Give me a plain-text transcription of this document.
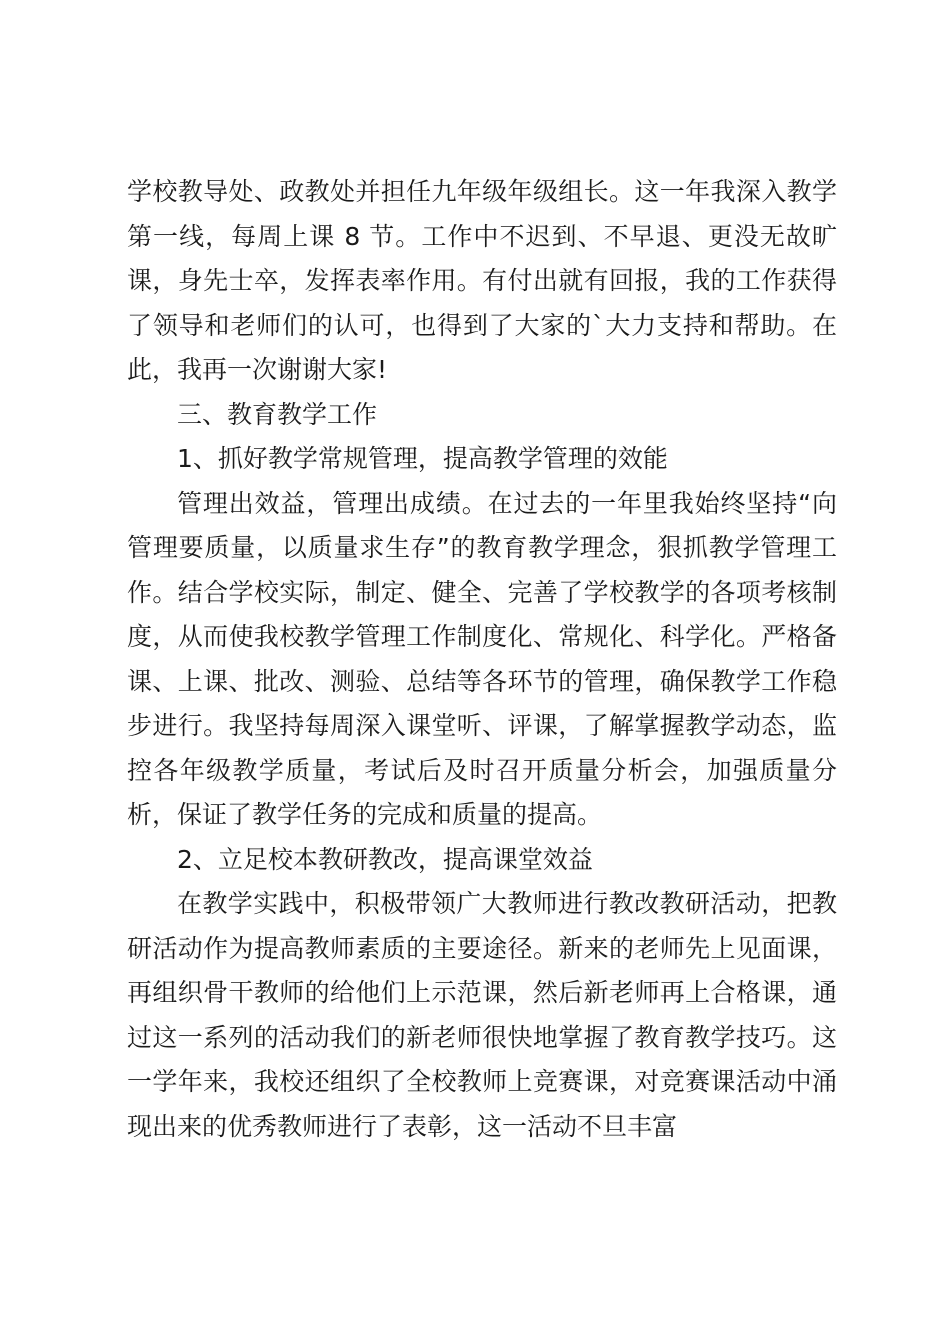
学校教导处、政教处并担任九年级年级组长。这一年我深入教学第一线，每周上课 8 节。工作中不迟到、不早退、更没无故旷课，身先士卒，发挥表率作用。有付出就有回报，我的工作获得了领导和老师们的认可，也得到了大家的`大力支持和帮助。在此，我再一次谢谢大家!

三、教育教学工作

1、抓好教学常规管理，提高教学管理的效能

管理出效益，管理出成绩。在过去的一年里我始终坚持“向管理要质量，以质量求生存”的教育教学理念，狠抓教学管理工作。结合学校实际，制定、健全、完善了学校教学的各项考核制度，从而使我校教学管理工作制度化、常规化、科学化。严格备课、上课、批改、测验、总结等各环节的管理，确保教学工作稳步进行。我坚持每周深入课堂听、评课，了解掌握教学动态，监控各年级教学质量，考试后及时召开质量分析会，加强质量分析，保证了教学任务的完成和质量的提高。

2、立足校本教研教改，提高课堂效益

在教学实践中，积极带领广大教师进行教改教研活动，把教研活动作为提高教师素质的主要途径。新来的老师先上见面课，再组织骨干教师的给他们上示范课，然后新老师再上合格课，通过这一系列的活动我们的新老师很快地掌握了教育教学技巧。这一学年来，我校还组织了全校教师上竞赛课，对竞赛课活动中涌现出来的优秀教师进行了表彰，这一活动不旦丰富
